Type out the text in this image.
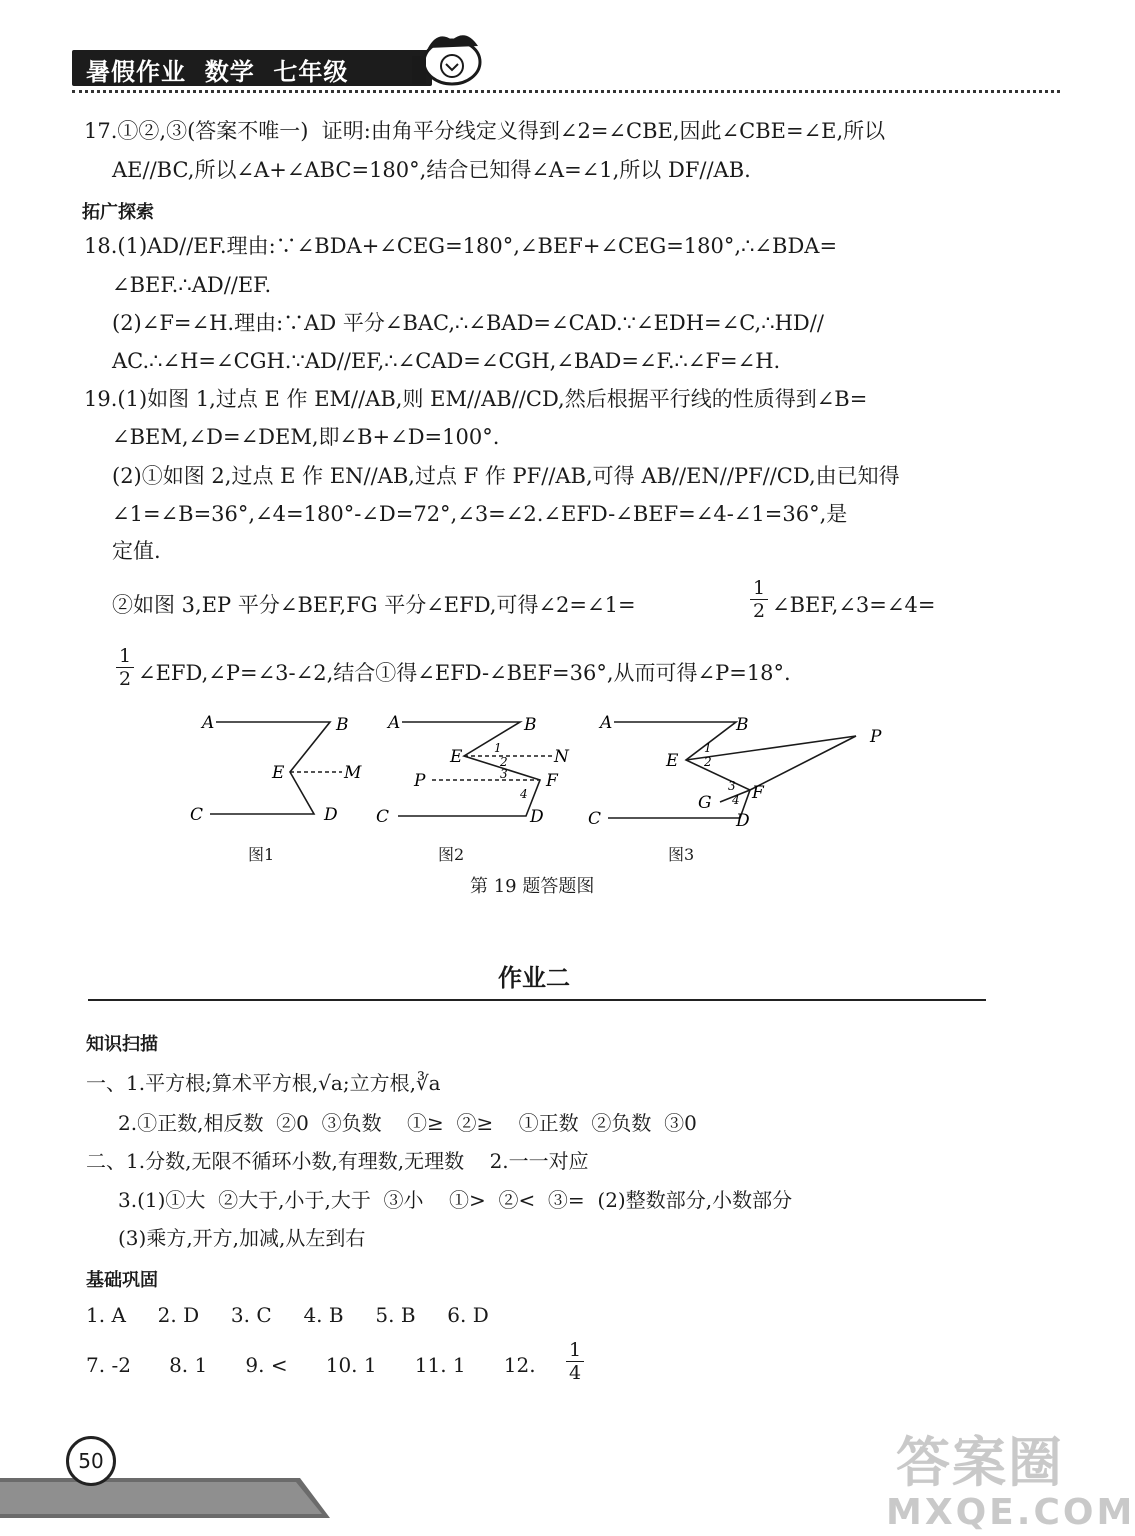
暑假作业  数学  七年级
17.①②,③(答案不唯一)  证明:由角平分线定义得到∠2=∠CBE,因此∠CBE=∠E,所以
AE//BC,所以∠A+∠ABC=180°,结合已知得∠A=∠1,所以 DF//AB.
拓广探索
18.(1)AD//EF.理由:∵∠BDA+∠CEG=180°,∠BEF+∠CEG=180°,∴∠BDA=
∠BEF.∴AD//EF.
(2)∠F=∠H.理由:∵AD 平分∠BAC,∴∠BAD=∠CAD.∵∠EDH=∠C,∴HD//
AC.∴∠H=∠CGH.∵AD//EF,∴∠CAD=∠CGH,∠BAD=∠F.∴∠F=∠H.
19.(1)如图 1,过点 E 作 EM//AB,则 EM//AB//CD,然后根据平行线的性质得到∠B=
∠BEM,∠D=∠DEM,即∠B+∠D=100°.
(2)①如图 2,过点 E 作 EN//AB,过点 F 作 PF//AB,可得 AB//EN//PF//CD,由已知得
∠1=∠B=36°,∠4=180°-∠D=72°,∠3=∠2.∠EFD-∠BEF=∠4-∠1=36°,是
定值.
②如图 3,EP 平分∠BEF,FG 平分∠EFD,可得∠2=∠1=
1
2 ∠BEF,∠3=∠4=
1
2 ∠EFD,∠P=∠3-∠2,结合①得∠EFD-∠BEF=36°,从而可得∠P=18°.
A	B
E	M
C	D
A	B
E	N
P	F
C	D
1
2
3
4
A	B
E
P
F
G
C	D
1
2
3
4
图1	图2	图3
第 19 题答题图
作业二
知识扫描
一、1.平方根;算术平方根,√a;立方根,∛a
2.①正数,相反数  ②0  ③负数    ①≥  ②≥    ①正数  ②负数  ③0
二、1.分数,无限不循环小数,有理数,无理数    2.一一对应
3.(1)①大  ②大于,小于,大于  ③小    ①>  ②<  ③=  (2)整数部分,小数部分
(3)乘方,开方,加减,从左到右
基础巩固
1. A     2. D     3. C     4. B     5. B     6. D
7. -2      8. 1      9. <      10. 1      11. 1      12.
1
4
50	答案圈
MXQE.COM
